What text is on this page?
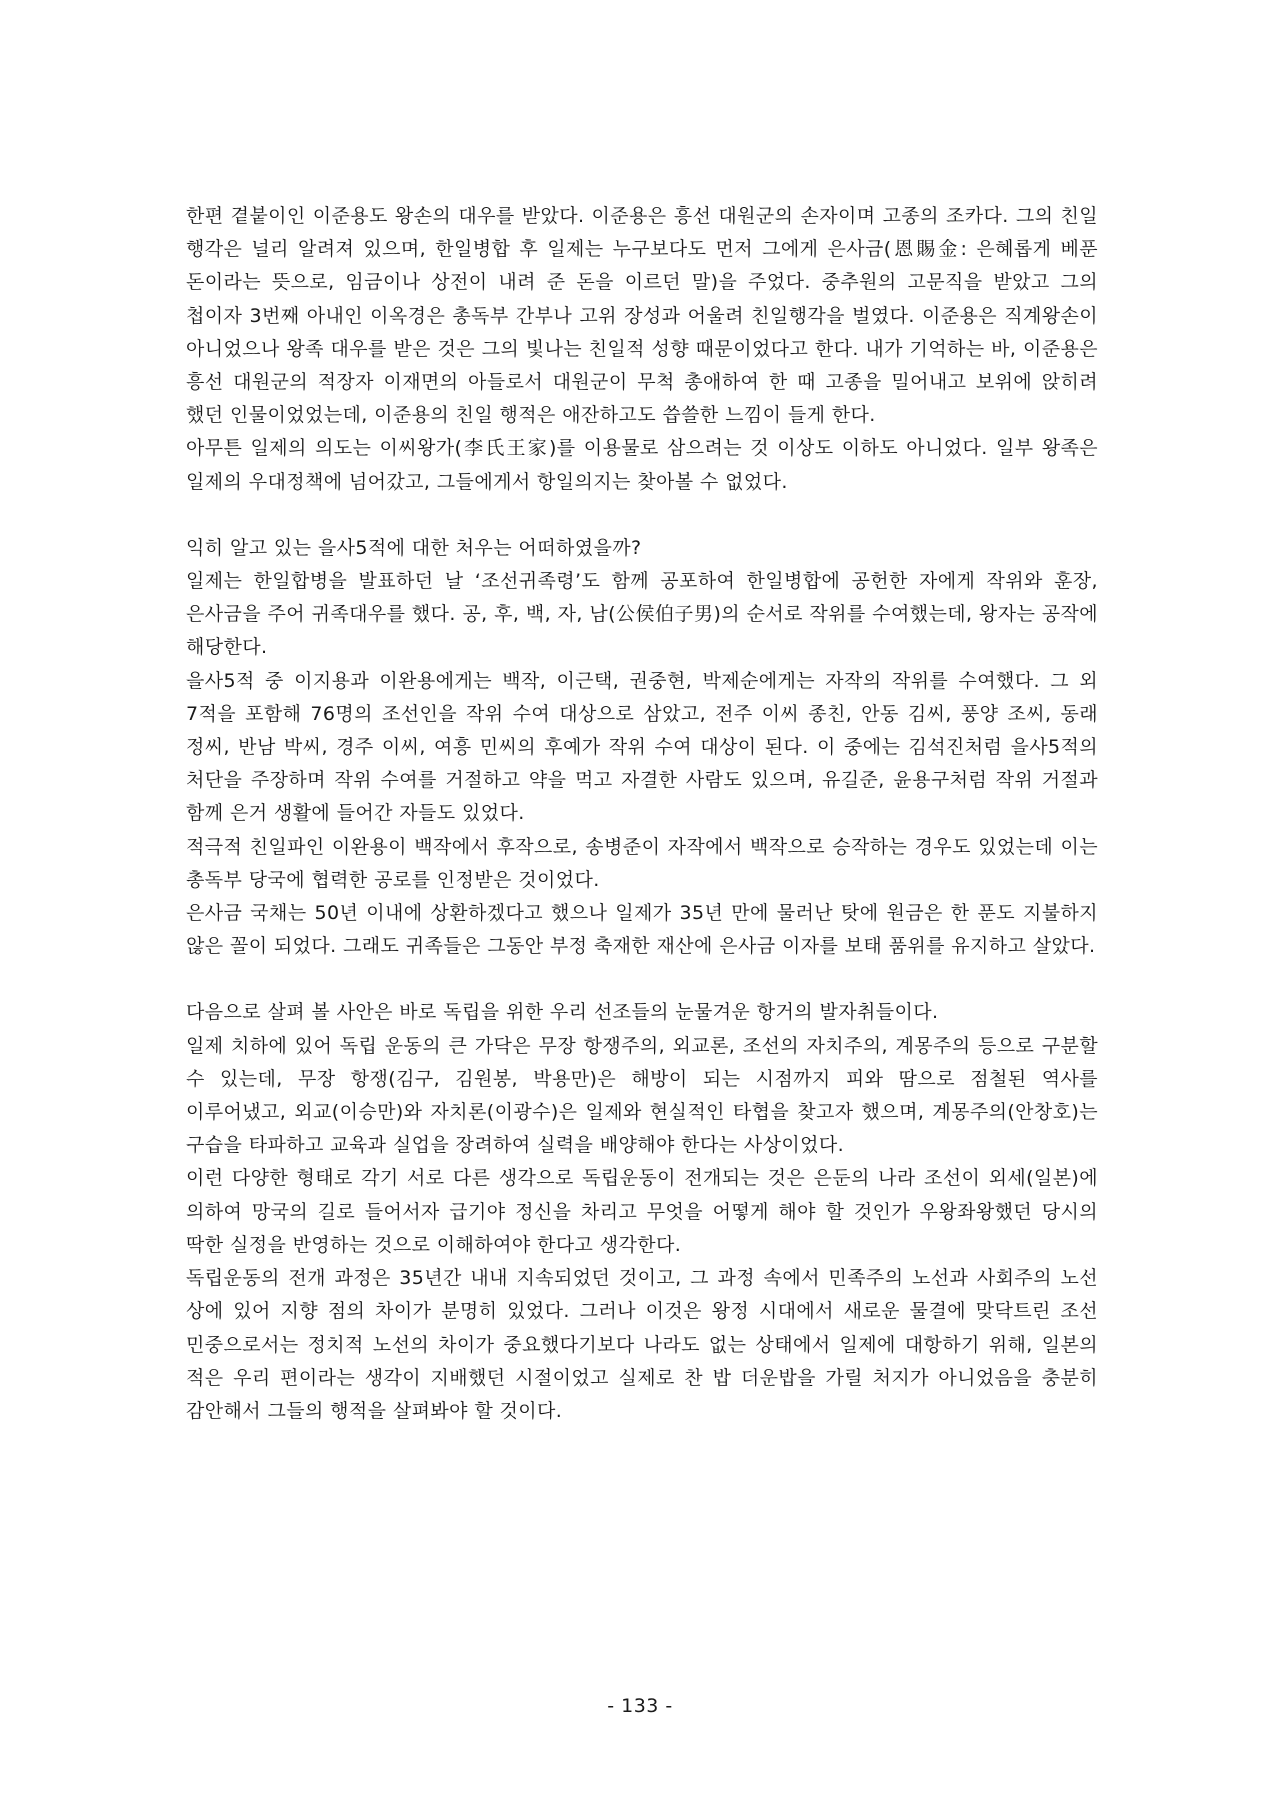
한편 곁붙이인 이준용도 왕손의 대우를 받았다. 이준용은 흥선 대원군의 손자이며 고종의 조카다. 그의 친일 행각은 널리 알려져 있으며, 한일병합 후 일제는 누구보다도 먼저 그에게 은사금(恩賜金: 은혜롭게 베푼 돈이라는 뜻으로, 임금이나 상전이 내려 준 돈을 이르던 말)을 주었다. 중추원의 고문직을 받았고 그의 첩이자 3번째 아내인 이옥경은 총독부 간부나 고위 장성과 어울려 친일행각을 벌였다. 이준용은 직계왕손이 아니었으나 왕족 대우를 받은 것은 그의 빛나는 친일적 성향 때문이었다고 한다. 내가 기억하는 바, 이준용은 흥선 대원군의 적장자 이재면의 아들로서 대원군이 무척 총애하여 한 때 고종을 밀어내고 보위에 앉히려 했던 인물이었었는데, 이준용의 친일 행적은 애잔하고도 씁쓸한 느낌이 들게 한다.

아무튼 일제의 의도는 이씨왕가(李氏王家)를 이용물로 삼으려는 것 이상도 이하도 아니었다. 일부 왕족은 일제의 우대정책에 넘어갔고, 그들에게서 항일의지는 찾아볼 수 없었다.

익히 알고 있는 을사5적에 대한 처우는 어떠하였을까?

일제는 한일합병을 발표하던 날 ‘조선귀족령’도 함께 공포하여 한일병합에 공헌한 자에게 작위와 훈장, 은사금을 주어 귀족대우를 했다. 공, 후, 백, 자, 남(公侯伯子男)의 순서로 작위를 수여했는데, 왕자는 공작에 해당한다.

을사5적 중 이지용과 이완용에게는 백작, 이근택, 권중현, 박제순에게는 자작의 작위를 수여했다. 그 외 7적을 포함해 76명의 조선인을 작위 수여 대상으로 삼았고, 전주 이씨 종친, 안동 김씨, 풍양 조씨, 동래 정씨, 반남 박씨, 경주 이씨, 여흥 민씨의 후예가 작위 수여 대상이 된다. 이 중에는 김석진처럼 을사5적의 처단을 주장하며 작위 수여를 거절하고 약을 먹고 자결한 사람도 있으며, 유길준, 윤용구처럼 작위 거절과 함께 은거 생활에 들어간 자들도 있었다.

적극적 친일파인 이완용이 백작에서 후작으로, 송병준이 자작에서 백작으로 승작하는 경우도 있었는데 이는 총독부 당국에 협력한 공로를 인정받은 것이었다.

은사금 국채는 50년 이내에 상환하겠다고 했으나 일제가 35년 만에 물러난 탓에 원금은 한 푼도 지불하지 않은 꼴이 되었다. 그래도 귀족들은 그동안 부정 축재한 재산에 은사금 이자를 보태 품위를 유지하고 살았다.

다음으로 살펴 볼 사안은 바로 독립을 위한 우리 선조들의 눈물겨운 항거의 발자취들이다.

일제 치하에 있어 독립 운동의 큰 가닥은 무장 항쟁주의, 외교론, 조선의 자치주의, 계몽주의 등으로 구분할 수 있는데, 무장 항쟁(김구, 김원봉, 박용만)은 해방이 되는 시점까지 피와 땀으로 점철된 역사를 이루어냈고, 외교(이승만)와 자치론(이광수)은 일제와 현실적인 타협을 찾고자 했으며, 계몽주의(안창호)는 구습을 타파하고 교육과 실업을 장려하여 실력을 배양해야 한다는 사상이었다.

이런 다양한 형태로 각기 서로 다른 생각으로 독립운동이 전개되는 것은 은둔의 나라 조선이 외세(일본)에 의하여 망국의 길로 들어서자 급기야 정신을 차리고 무엇을 어떻게 해야 할 것인가 우왕좌왕했던 당시의 딱한 실정을 반영하는 것으로 이해하여야 한다고 생각한다.

독립운동의 전개 과정은 35년간 내내 지속되었던 것이고, 그 과정 속에서 민족주의 노선과 사회주의 노선 상에 있어 지향 점의 차이가 분명히 있었다. 그러나 이것은 왕정 시대에서 새로운 물결에 맞닥트린 조선 민중으로서는 정치적 노선의 차이가 중요했다기보다 나라도 없는 상태에서 일제에 대항하기 위해, 일본의 적은 우리 편이라는 생각이 지배했던 시절이었고 실제로 찬 밥 더운밥을 가릴 처지가 아니었음을 충분히 감안해서 그들의 행적을 살펴봐야 할 것이다.

- 133 -
